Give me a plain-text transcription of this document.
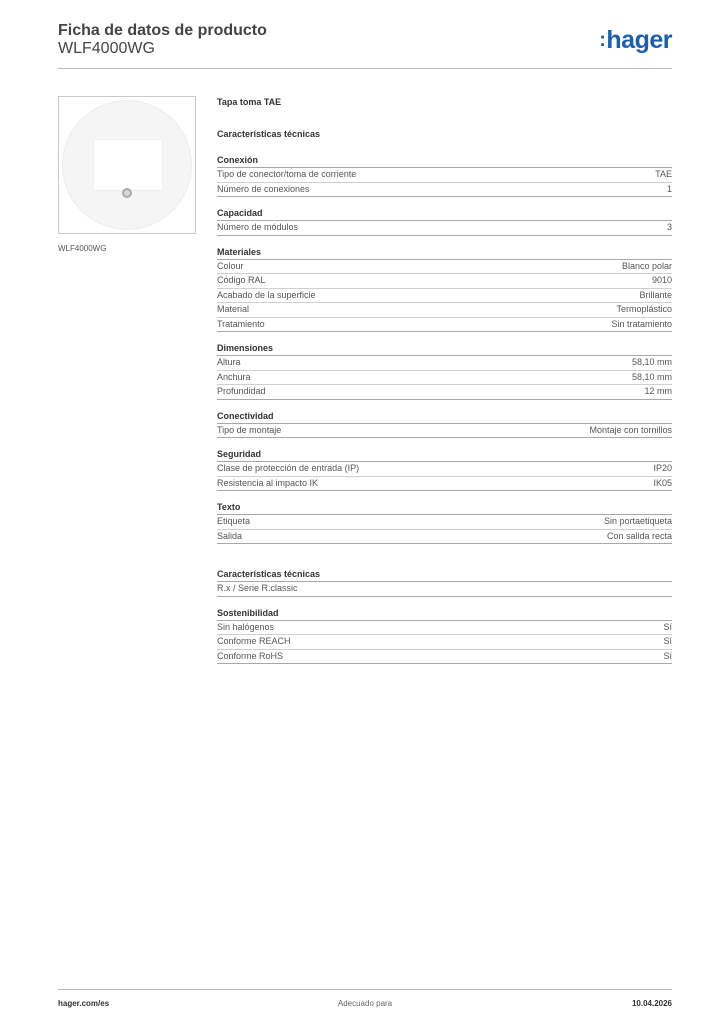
Ficha de datos de producto
WLF4000WG	:hager
WLF4000WG
Tapa toma TAE
Características técnicas
Conexión
Tipo de conector/toma de corriente	TAE
Número de conexiones	1
Capacidad
Número de módulos	3
Materiales
Colour	Blanco polar
Código RAL	9010
Acabado de la superficie	Brillante
Material	Termoplástico
Tratamiento	Sin tratamiento
Dimensiones
Altura	58,10 mm
Anchura	58,10 mm
Profundidad	12 mm
Conectividad
Tipo de montaje	Montaje con tornillos
Seguridad
Clase de protección de entrada (IP)	IP20
Resistencia al impacto IK	IK05
Texto
Etiqueta	Sin portaetiqueta
Salida	Con salida recta
Características técnicas
R.x / Serie R.classic
Sostenibilidad
Sin halógenos	Sí
Conforme REACH	Sí
Conforme RoHS	Sí
hager.com/es	Adecuado para	10.04.2026
